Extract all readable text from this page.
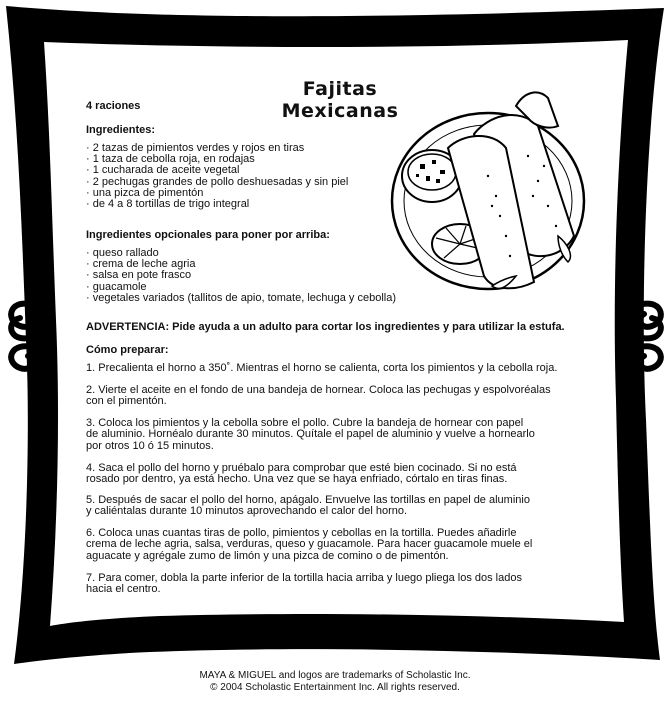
Fajitas Mexicanas
4 raciones
Ingredientes:
· 2 tazas de pimientos verdes y rojos en tiras
· 1 taza de cebolla roja, en rodajas
· 1 cucharada de aceite vegetal
· 2 pechugas grandes de pollo deshuesadas y sin piel
· una pizca de pimentón
· de 4 a 8 tortillas de trigo integral
Ingredientes opcionales para poner por arriba:
· queso rallado
· crema de leche agria
· salsa en pote frasco
· guacamole
· vegetales variados (tallitos de apio, tomate, lechuga y cebolla)
ADVERTENCIA: Pide ayuda a un adulto para cortar los ingredientes y para utilizar la estufa.
Cómo preparar:
1. Precalienta el horno a 350˚. Mientras el horno se calienta, corta los pimientos y la cebolla roja.
2. Vierte el aceite en el fondo de una bandeja de hornear. Coloca las pechugas y espolvoréalas
con el pimentón.
3. Coloca los pimientos y la cebolla sobre el pollo. Cubre la bandeja de hornear con papel
de aluminio. Hornéalo durante 30 minutos. Quítale el papel de aluminio y vuelve a hornearlo
por otros 10 ó 15 minutos.
4. Saca el pollo del horno y pruébalo para comprobar que esté bien cocinado. Si no está
rosado por dentro, ya está hecho. Una vez que se haya enfriado, córtalo en tiras finas.
5. Después de sacar el pollo del horno, apágalo. Envuelve las tortillas en papel de aluminio
y caliéntalas durante 10 minutos aprovechando el calor del horno.
6. Coloca unas cuantas tiras de pollo, pimientos y cebollas en la tortilla. Puedes añadirle
crema de leche agria, salsa, verduras, queso y guacamole. Para hacer guacamole muele el
aguacate y agrégale zumo de limón y una pizca de comino o de pimentón.
7. Para comer, dobla la parte inferior de la tortilla hacia arriba y luego pliega los dos lados
hacia el centro.
MAYA & MIGUEL and logos are trademarks of Scholastic Inc.
© 2004 Scholastic Entertainment Inc. All rights reserved.
